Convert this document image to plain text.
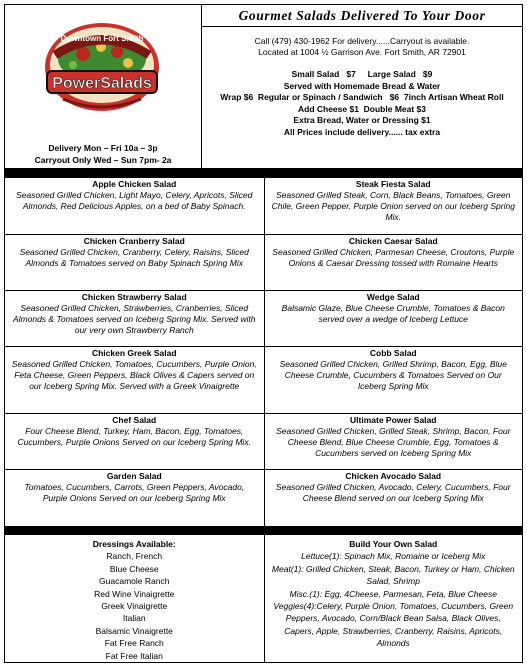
Downtown Fort Smith
PowerSalads
Delivery Mon – Fri 10a – 3p
Carryout Only Wed – Sun 7pm- 2a
Gourmet Salads Delivered To Your Door
Call (479) 430-1962 For delivery......Carryout is available.
Located at 1004 ½ Garrison Ave. Fort Smith, AR 72901
Small Salad   $7     Large Salad   $9
Served with Homemade Bread & Water
Wrap $6  Regular or Spinach / Sandwich   $6  7inch Artisan Wheat Roll
Add Cheese $1  Double Meat $3
Extra Bread, Water or Dressing $1
All Prices include delivery...... tax extra
Apple Chicken Salad
Seasoned Grilled Chicken, Light Mayo, Celery, Apricots, Sliced Almonds, Red Delicious Apples, on a bed of Baby Spinach.
Steak Fiesta Salad
Seasoned Grilled Steak, Corn, Black Beans, Tomatoes, Green Chile, Green Pepper, Purple Onion served on our Iceberg Spring Mix.
Chicken Cranberry Salad
Seasoned Grilled Chicken, Cranberry, Celery, Raisins, Sliced Almonds & Tomatoes served on Baby Spinach Spring Mix
Chicken Caesar Salad
Seasoned Grilled Chicken, Parmesan Cheese, Croutons, Purple Onions & Caesar Dressing tossed with Romaine Hearts
Chicken Strawberry Salad
Seasoned Grilled Chicken, Strawberries, Cranberries, Sliced Almonds & Tomatoes served on Iceberg Spring Mix. Served with our very own Strawberry Ranch
Wedge Salad
Balsamic Glaze, Blue Cheese Crumble, Tomatoes & Bacon served over a wedge of Iceberg Lettuce
Chicken Greek Salad
Seasoned Grilled Chicken, Tomatoes, Cucumbers, Purple Onion, Feta Cheese, Green Peppers, Black Olives & Capers served on our Iceberg Spring Mix. Served with a Greek Vinaigrette
Cobb Salad
Seasoned Grilled Chicken, Grilled Shrimp, Bacon, Egg, Blue Cheese Crumble, Cucumbers & Tomatoes Served on Our Iceberg Spring Mix
Chef Salad
Four Cheese Blend, Turkey, Ham, Bacon, Egg, Tomatoes, Cucumbers, Purple Onions Served on our Iceberg Spring Mix.
Ultimate Power Salad
Seasoned Grilled Chicken, Grilled Steak, Shrimp, Bacon, Four Cheese Blend, Blue Cheese Crumble, Egg, Tomatoes & Cucumbers served on Iceberg Spring Mix
Garden Salad
Tomatoes, Cucumbers, Carrots, Green Peppers, Avocado, Purple Onions Served on our Iceberg Spring Mix
Chicken Avocado Salad
Seasoned Grilled Chicken, Avocado, Celery, Cucumbers, Four Cheese Blend served on our Iceberg Spring Mix
Dressings Available:
Ranch, French
Blue Cheese
Guacamole Ranch
Red Wine Vinaigrette
Greek Vinaigrette
Italian
Balsamic Vinaigrette
Fat Free Ranch
Fat Free Italian
Build Your Own Salad
Lettuce(1): Spinach Mix, Romaine or Iceberg Mix
Meat(1): Grilled Chicken, Steak, Bacon, Turkey or Ham, Chicken Salad, Shrimp
Misc.(1): Egg, 4Cheese, Parmesan, Feta, Blue Cheese
Veggies(4):Celery, Purple Onion, Tomatoes, Cucumbers, Green Peppers, Avocado, Corn/Black Bean Salsa, Black Olives, Capers, Apple, Strawberries, Cranberry, Raisins, Apricots, Almonds
